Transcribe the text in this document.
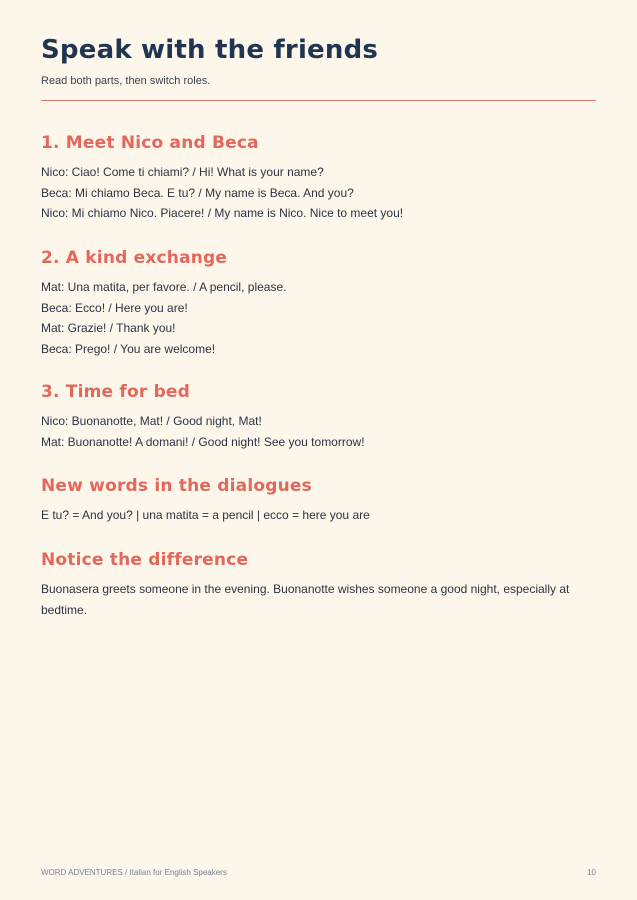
Speak with the friends
Read both parts, then switch roles.
1. Meet Nico and Beca
Nico: Ciao! Come ti chiami? / Hi! What is your name?
Beca: Mi chiamo Beca. E tu? / My name is Beca. And you?
Nico: Mi chiamo Nico. Piacere! / My name is Nico. Nice to meet you!
2. A kind exchange
Mat: Una matita, per favore. / A pencil, please.
Beca: Ecco! / Here you are!
Mat: Grazie! / Thank you!
Beca: Prego! / You are welcome!
3. Time for bed
Nico: Buonanotte, Mat! / Good night, Mat!
Mat: Buonanotte! A domani! / Good night! See you tomorrow!
New words in the dialogues
E tu? = And you? | una matita = a pencil | ecco = here you are
Notice the difference
Buonasera greets someone in the evening. Buonanotte wishes someone a good night, especially at bedtime.
WORD ADVENTURES / Italian for English Speakers	10
